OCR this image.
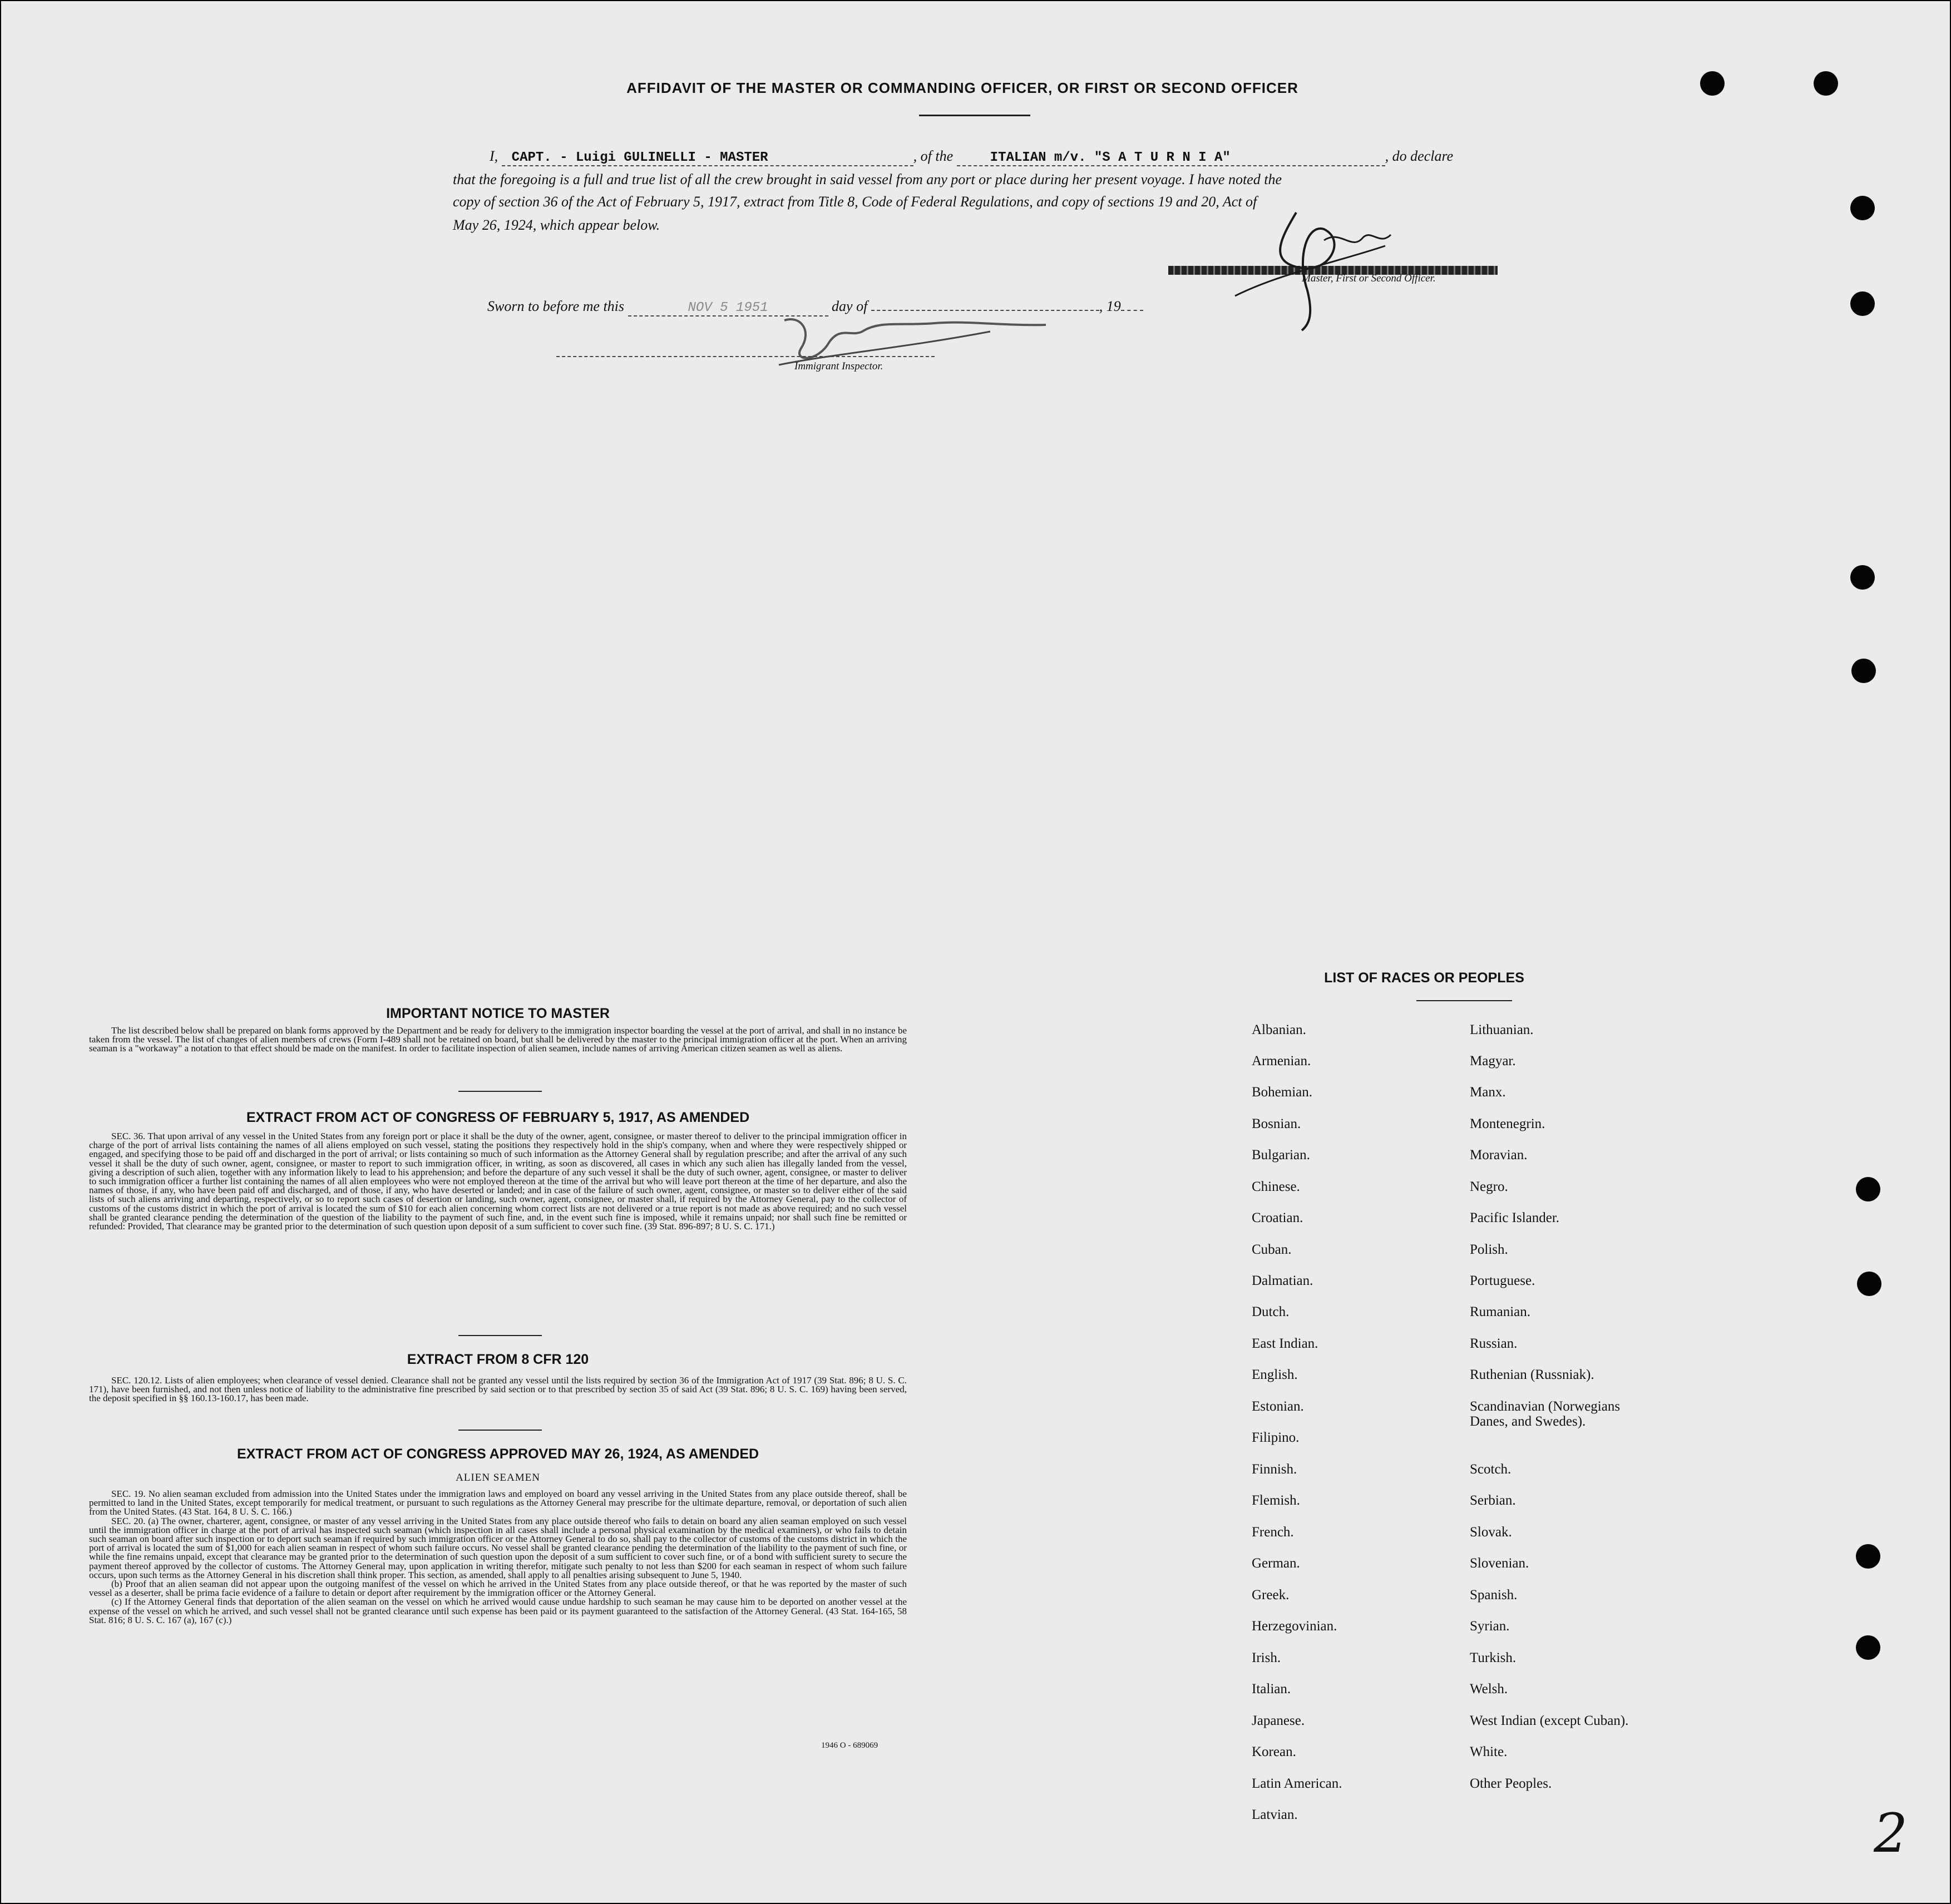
AFFIDAVIT OF THE MASTER OR COMMANDING OFFICER, OR FIRST OR SECOND OFFICER
I, CAPT. - Luigi GULINELLI - MASTER	, of the	ITALIAN m/v. "S A T U R N I A"	, do declare
that the foregoing is a full and true list of all the crew brought in said vessel from any port or place during her present voyage. I have noted the
copy of section 36 of the Act of February 5, 1917, extract from Title 8, Code of Federal Regulations, and copy of sections 19 and 20, Act of
May 26, 1924, which appear below.
Master, First or Second Officer.
Sworn to before me this	NOV 5 1951	day of	, 19
Immigrant Inspector.
IMPORTANT NOTICE TO MASTER

The list described below shall be prepared on blank forms approved by the Department and be ready for delivery to the immigration inspector boarding the vessel at the port of arrival, and shall in no instance be taken from the vessel. The list of changes of alien members of crews (Form I-489 shall not be retained on board, but shall be delivered by the master to the principal immigration officer at the port. When an arriving seaman is a "workaway" a notation to that effect should be made on the manifest. In order to facilitate inspection of alien seamen, include names of arriving American citizen seamen as well as aliens.

EXTRACT FROM ACT OF CONGRESS OF FEBRUARY 5, 1917, AS AMENDED

SEC. 36. That upon arrival of any vessel in the United States from any foreign port or place it shall be the duty of the owner, agent, consignee, or master thereof to deliver to the principal immigration officer in charge of the port of arrival lists containing the names of all aliens employed on such vessel, stating the positions they respectively hold in the ship's company, when and where they were respectively shipped or engaged, and specifying those to be paid off and discharged in the port of arrival; or lists containing so much of such information as the Attorney General shall by regulation prescribe; and after the arrival of any such vessel it shall be the duty of such owner, agent, consignee, or master to report to such immigration officer, in writing, as soon as discovered, all cases in which any such alien has illegally landed from the vessel, giving a description of such alien, together with any information likely to lead to his apprehension; and before the departure of any such vessel it shall be the duty of such owner, agent, consignee, or master to deliver to such immigration officer a further list containing the names of all alien employees who were not employed thereon at the time of the arrival but who will leave port thereon at the time of her departure, and also the names of those, if any, who have been paid off and discharged, and of those, if any, who have deserted or landed; and in case of the failure of such owner, agent, consignee, or master so to deliver either of the said lists of such aliens arriving and departing, respectively, or so to report such cases of desertion or landing, such owner, agent, consignee, or master shall, if required by the Attorney General, pay to the collector of customs of the customs district in which the port of arrival is located the sum of $10 for each alien concerning whom correct lists are not delivered or a true report is not made as above required; and no such vessel shall be granted clearance pending the determination of the question of the liability to the payment of such fine, and, in the event such fine is imposed, while it remains unpaid; nor shall such fine be remitted or refunded: Provided, That clearance may be granted prior to the determination of such question upon deposit of a sum sufficient to cover such fine. (39 Stat. 896-897; 8 U. S. C. 171.)

EXTRACT FROM 8 CFR 120

SEC. 120.12. Lists of alien employees; when clearance of vessel denied. Clearance shall not be granted any vessel until the lists required by section 36 of the Immigration Act of 1917 (39 Stat. 896; 8 U. S. C. 171), have been furnished, and not then unless notice of liability to the administrative fine prescribed by said section or to that prescribed by section 35 of said Act (39 Stat. 896; 8 U. S. C. 169) having been served, the deposit specified in §§ 160.13-160.17, has been made.

EXTRACT FROM ACT OF CONGRESS APPROVED MAY 26, 1924, AS AMENDED
ALIEN SEAMEN

SEC. 19. No alien seaman excluded from admission into the United States under the immigration laws and employed on board any vessel arriving in the United States from any place outside thereof, shall be permitted to land in the United States, except temporarily for medical treatment, or pursuant to such regulations as the Attorney General may prescribe for the ultimate departure, removal, or deportation of such alien from the United States. (43 Stat. 164, 8 U. S. C. 166.)

SEC. 20. (a) The owner, charterer, agent, consignee, or master of any vessel arriving in the United States from any place outside thereof who fails to detain on board any alien seaman employed on such vessel until the immigration officer in charge at the port of arrival has inspected such seaman (which inspection in all cases shall include a personal physical examination by the medical examiners), or who fails to detain such seaman on board after such inspection or to deport such seaman if required by such immigration officer or the Attorney General to do so, shall pay to the collector of customs of the customs district in which the port of arrival is located the sum of $1,000 for each alien seaman in respect of whom such failure occurs. No vessel shall be granted clearance pending the determination of the liability to the payment of such fine, or while the fine remains unpaid, except that clearance may be granted prior to the determination of such question upon the deposit of a sum sufficient to cover such fine, or of a bond with sufficient surety to secure the payment thereof approved by the collector of customs. The Attorney General may, upon application in writing therefor, mitigate such penalty to not less than $200 for each seaman in respect of whom such failure occurs, upon such terms as the Attorney General in his discretion shall think proper. This section, as amended, shall apply to all penalties arising subsequent to June 5, 1940.

(b) Proof that an alien seaman did not appear upon the outgoing manifest of the vessel on which he arrived in the United States from any place outside thereof, or that he was reported by the master of such vessel as a deserter, shall be prima facie evidence of a failure to detain or deport after requirement by the immigration officer or the Attorney General.

(c) If the Attorney General finds that deportation of the alien seaman on the vessel on which he arrived would cause undue hardship to such seaman he may cause him to be deported on another vessel at the expense of the vessel on which he arrived, and such vessel shall not be granted clearance until such expense has been paid or its payment guaranteed to the satisfaction of the Attorney General. (43 Stat. 164-165, 58 Stat. 816; 8 U. S. C. 167 (a), 167 (c).)

1946 O - 689069
LIST OF RACES OR PEOPLES
Albanian.
Armenian.
Bohemian.
Bosnian.
Bulgarian.
Chinese.
Croatian.
Cuban.
Dalmatian.
Dutch.
East Indian.
English.
Estonian.
Filipino.
Finnish.
Flemish.
French.
German.
Greek.
Herzegovinian.
Irish.
Italian.
Japanese.
Korean.
Latin American.
Latvian.
Lithuanian.
Magyar.
Manx.
Montenegrin.
Moravian.
Negro.
Pacific Islander.
Polish.
Portuguese.
Rumanian.
Russian.
Ruthenian (Russniak).
Scandinavian (Norwegians Danes, and Swedes).
Scotch.
Serbian.
Slovak.
Slovenian.
Spanish.
Syrian.
Turkish.
Welsh.
West Indian (except Cuban).
White.
Other Peoples.
2
